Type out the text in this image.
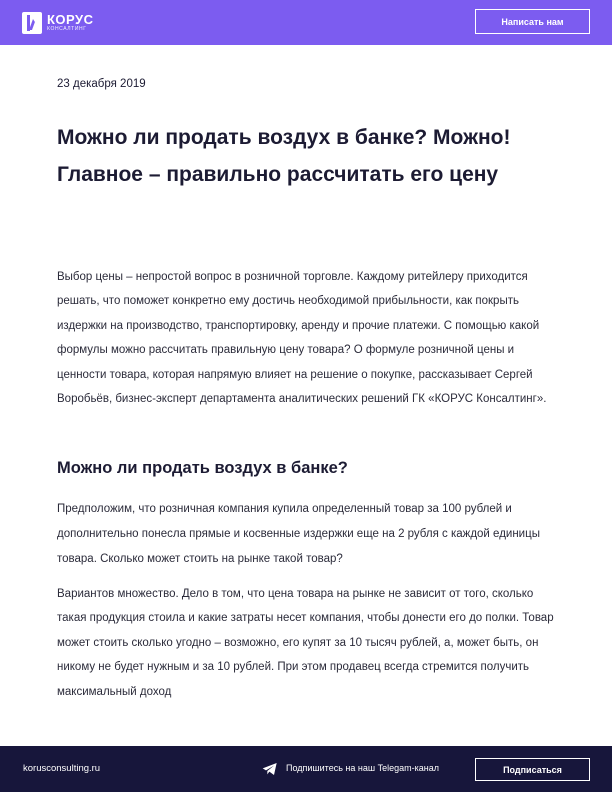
КОРУС
КОНСАЛТИНГ
Написать нам
23 декабря 2019
Можно ли продать воздух в банке? Можно! Главное – правильно рассчитать его цену

Выбор цены – непростой вопрос в розничной торговле. Каждому ритейлеру приходится решать, что поможет конкретно ему достичь необходимой прибыльности, как покрыть издержки на производство, транспортировку, аренду и прочие платежи. С помощью какой формулы можно рассчитать правильную цену товара? О формуле розничной цены и ценности товара, которая напрямую влияет на решение о покупке, рассказывает Сергей Воробьёв, бизнес-эксперт департамента аналитических решений ГК «КОРУС Консалтинг».

Можно ли продать воздух в банке?

Предположим, что розничная компания купила определенный товар за 100 рублей и дополнительно понесла прямые и косвенные издержки еще на 2 рубля с каждой единицы товара. Сколько может стоить на рынке такой товар?

Вариантов множество. Дело в том, что цена товара на рынке не зависит от того, сколько такая продукция стоила и какие затраты несет компания, чтобы донести его до полки. Товар может стоить сколько угодно – возможно, его купят за 10 тысяч рублей, а, может быть, он никому не будет нужным и за 10 рублей. При этом продавец всегда стремится получить максимальный доход

korusconsulting.ru	Подпишитесь на наш Telegam-канал	Подписаться
